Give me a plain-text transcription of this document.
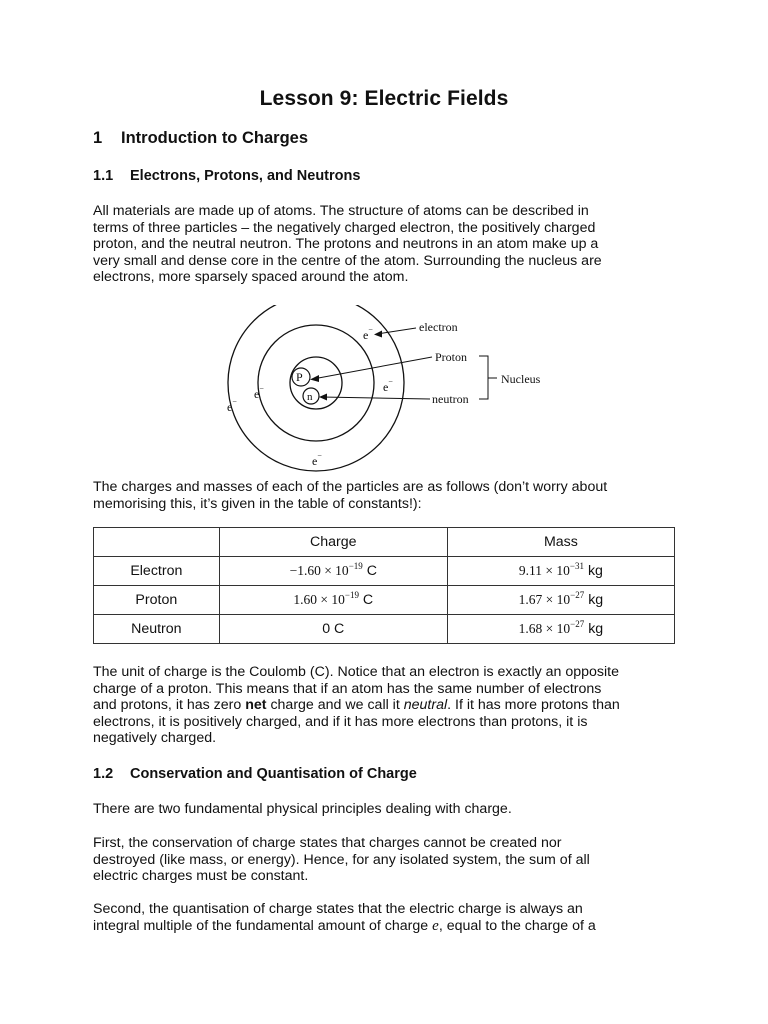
Lesson 9: Electric Fields
1 Introduction to Charges
1.1 Electrons, Protons, and Neutrons

All materials are made up of atoms. The structure of atoms can be described in

terms of three particles – the negatively charged electron, the positively charged

proton, and the neutral neutron. The protons and neutrons in an atom make up a

very small and dense core in the centre of the atom. Surrounding the nucleus are

electrons, more sparsely spaced around the atom.

P
n
e−
e−
e−
e−
e−
electron
Proton
neutron
Nucleus

The charges and masses of each of the particles are as follows (don’t worry about

memorising this, it’s given in the table of constants!):

	Charge	Mass
Electron	$-1.60 \times 10^{-19}$ C	$9.11 \times 10^{-31}$ kg
Proton	$1.60 \times 10^{-19}$ C	$1.67 \times 10^{-27}$ kg
Neutron	0 C	$1.68 \times 10^{-27}$ kg

The unit of charge is the Coulomb (C). Notice that an electron is exactly an opposite

charge of a proton. This means that if an atom has the same number of electrons

and protons, it has zero net charge and we call it neutral. If it has more protons than

electrons, it is positively charged, and if it has more electrons than protons, it is

negatively charged.

1.2 Conservation and Quantisation of Charge

There are two fundamental physical principles dealing with charge.

First, the conservation of charge states that charges cannot be created nor

destroyed (like mass, or energy). Hence, for any isolated system, the sum of all

electric charges must be constant.

Second, the quantisation of charge states that the electric charge is always an

integral multiple of the fundamental amount of charge e, equal to the charge of a
